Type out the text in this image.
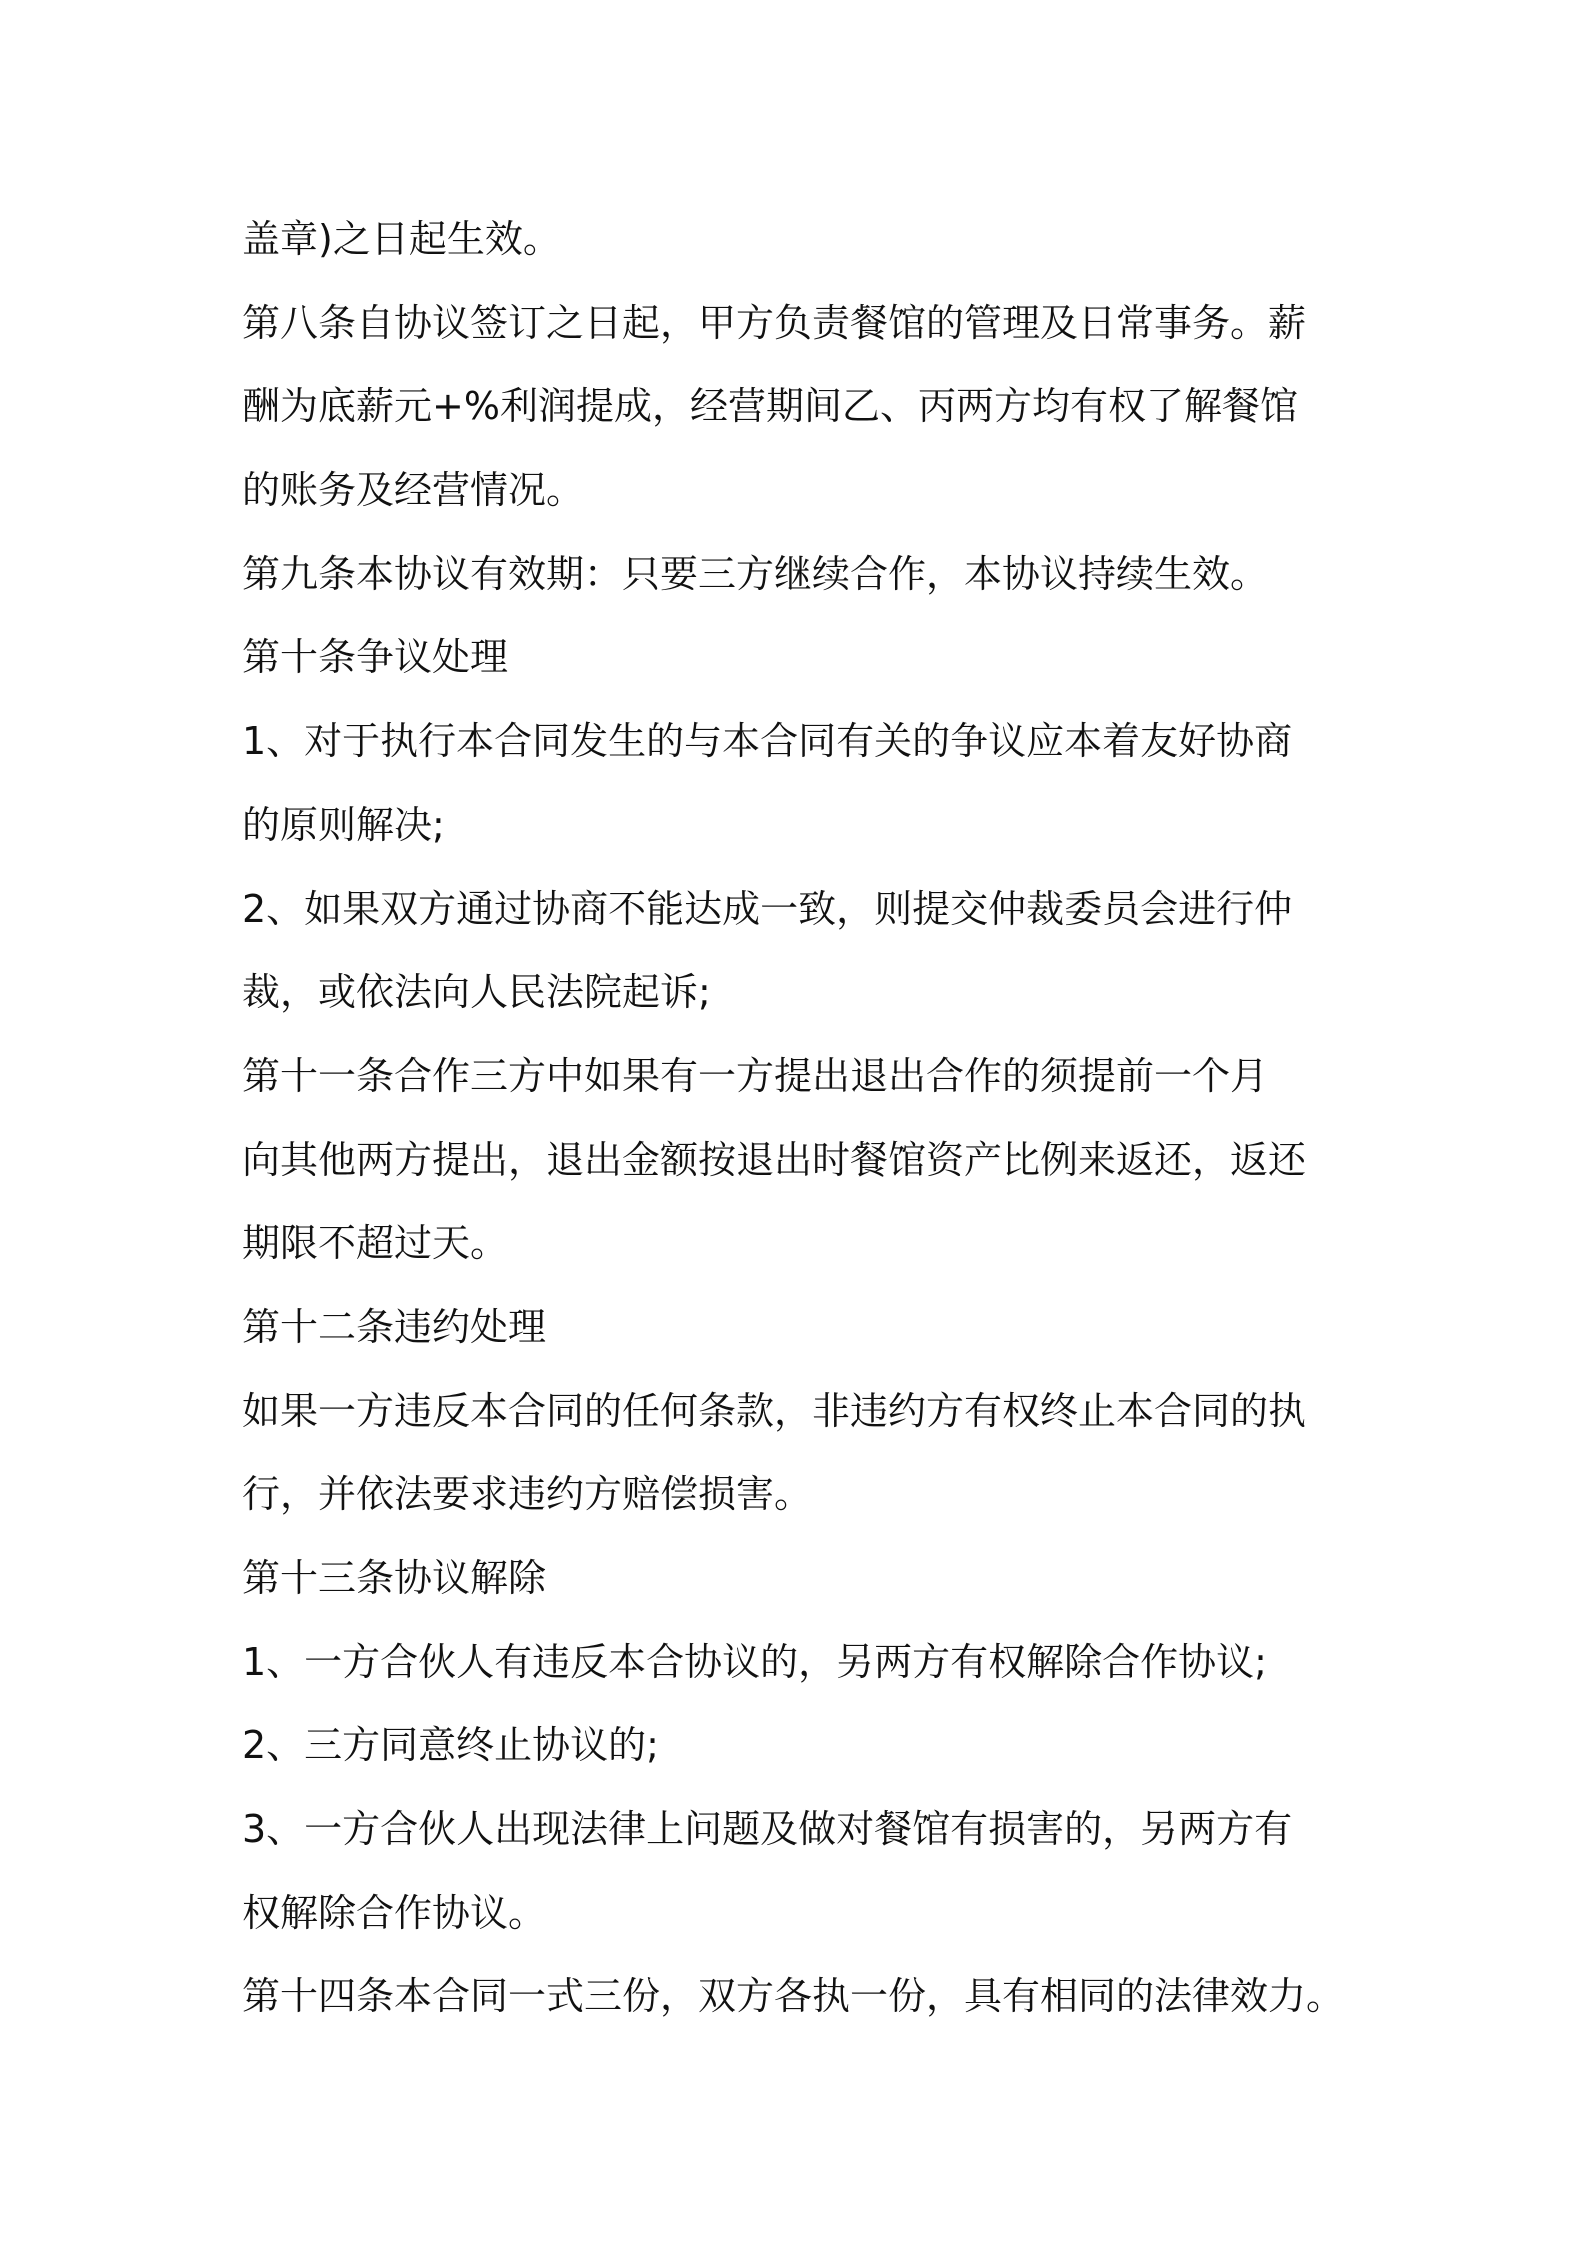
盖章)之日起生效。
第八条自协议签订之日起，甲方负责餐馆的管理及日常事务。薪
酬为底薪元+%利润提成，经营期间乙、丙两方均有权了解餐馆
的账务及经营情况。
第九条本协议有效期：只要三方继续合作，本协议持续生效。
第十条争议处理
1、对于执行本合同发生的与本合同有关的争议应本着友好协商
的原则解决;
2、如果双方通过协商不能达成一致，则提交仲裁委员会进行仲
裁，或依法向人民法院起诉;
第十一条合作三方中如果有一方提出退出合作的须提前一个月
向其他两方提出，退出金额按退出时餐馆资产比例来返还，返还
期限不超过天。
第十二条违约处理
如果一方违反本合同的任何条款，非违约方有权终止本合同的执
行，并依法要求违约方赔偿损害。
第十三条协议解除
1、一方合伙人有违反本合协议的，另两方有权解除合作协议;
2、三方同意终止协议的;
3、一方合伙人出现法律上问题及做对餐馆有损害的，另两方有
权解除合作协议。
第十四条本合同一式三份，双方各执一份，具有相同的法律效力。
